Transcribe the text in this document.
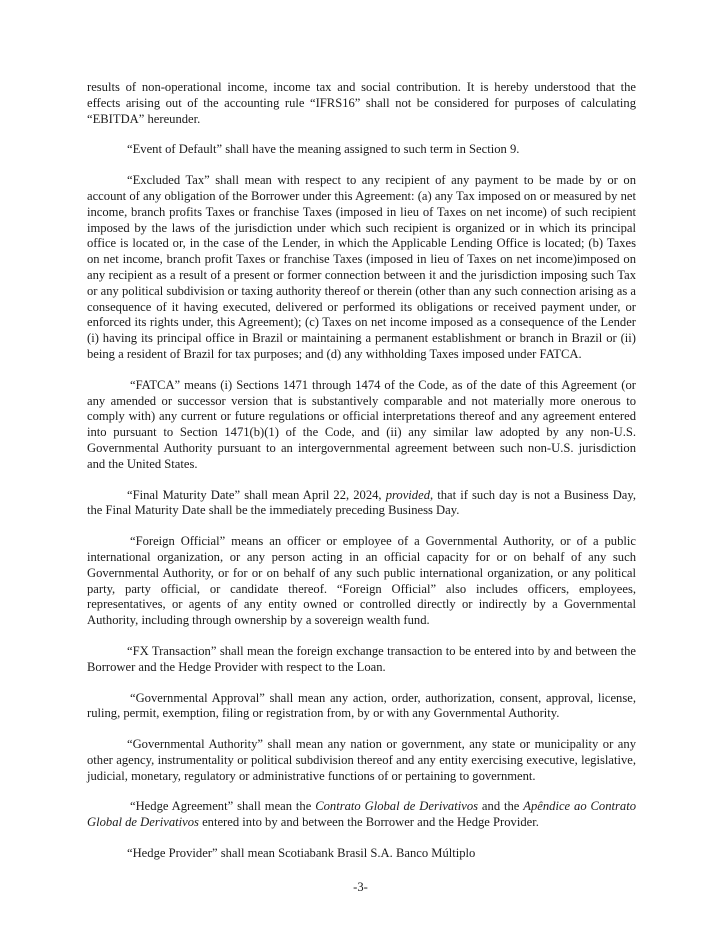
results of non-operational income, income tax and social contribution. It is hereby understood that the effects arising out of the accounting rule “IFRS16” shall not be considered for purposes of calculating “EBITDA” hereunder.

“Event of Default” shall have the meaning assigned to such term in Section 9.

“Excluded Tax” shall mean with respect to any recipient of any payment to be made by or on account of any obligation of the Borrower under this Agreement: (a) any Tax imposed on or measured by net income, branch profits Taxes or franchise Taxes (imposed in lieu of Taxes on net income) of such recipient imposed by the laws of the jurisdiction under which such recipient is organized or in which its principal office is located or, in the case of the Lender, in which the Applicable Lending Office is located; (b) Taxes on net income, branch profit Taxes or franchise Taxes (imposed in lieu of Taxes on net income)imposed on any recipient as a result of a present or former connection between it and the jurisdiction imposing such Tax or any political subdivision or taxing authority thereof or therein (other than any such connection arising as a consequence of it having executed, delivered or performed its obligations or received payment under, or enforced its rights under, this Agreement); (c) Taxes on net income imposed as a consequence of the Lender (i) having its principal office in Brazil or maintaining a permanent establishment or branch in Brazil or (ii) being a resident of Brazil for tax purposes; and (d) any withholding Taxes imposed under FATCA.

“FATCA” means (i) Sections 1471 through 1474 of the Code, as of the date of this Agreement (or any amended or successor version that is substantively comparable and not materially more onerous to comply with) any current or future regulations or official interpretations thereof and any agreement entered into pursuant to Section 1471(b)(1) of the Code, and (ii) any similar law adopted by any non-U.S. Governmental Authority pursuant to an intergovernmental agreement between such non-U.S. jurisdiction and the United States.

“Final Maturity Date” shall mean April 22, 2024, provided, that if such day is not a Business Day, the Final Maturity Date shall be the immediately preceding Business Day.

“Foreign Official” means an officer or employee of a Governmental Authority, or of a public international organization, or any person acting in an official capacity for or on behalf of any such Governmental Authority, or for or on behalf of any such public international organization, or any political party, party official, or candidate thereof. “Foreign Official” also includes officers, employees, representatives, or agents of any entity owned or controlled directly or indirectly by a Governmental Authority, including through ownership by a sovereign wealth fund.

“FX Transaction” shall mean the foreign exchange transaction to be entered into by and between the Borrower and the Hedge Provider with respect to the Loan.

“Governmental Approval” shall mean any action, order, authorization, consent, approval, license, ruling, permit, exemption, filing or registration from, by or with any Governmental Authority.

“Governmental Authority” shall mean any nation or government, any state or municipality or any other agency, instrumentality or political subdivision thereof and any entity exercising executive, legislative, judicial, monetary, regulatory or administrative functions of or pertaining to government.

“Hedge Agreement” shall mean the Contrato Global de Derivativos and the Apêndice ao Contrato Global de Derivativos entered into by and between the Borrower and the Hedge Provider.

“Hedge Provider” shall mean Scotiabank Brasil S.A. Banco Múltiplo

-3-
